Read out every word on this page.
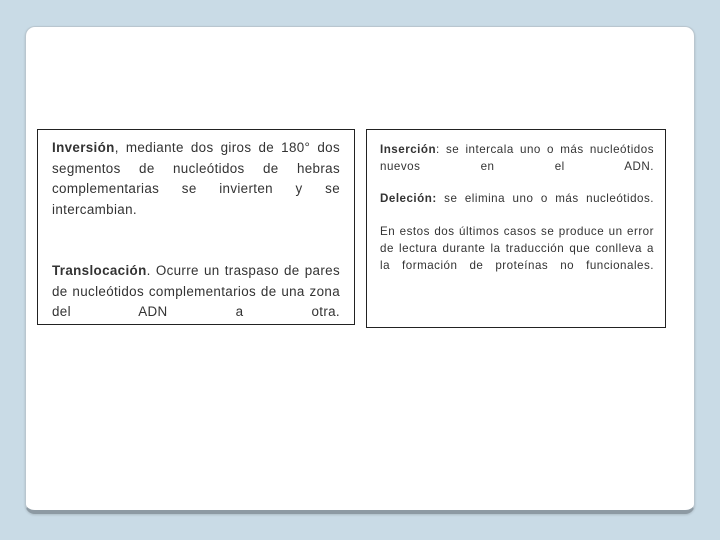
Inversión, mediante dos giros de 180° dos segmentos de nucleótidos de hebras complementarias se invierten y se intercambian.

Translocación. Ocurre un traspaso de pares de nucleótidos complementarios de una zona del ADN a otra.

Inserción: se intercala uno o más nucleótidos nuevos en el ADN.

Deleción: se elimina uno o más nucleótidos.

En estos dos últimos casos se produce un error de lectura durante la traducción que conlleva a la formación de proteínas no funcionales.
